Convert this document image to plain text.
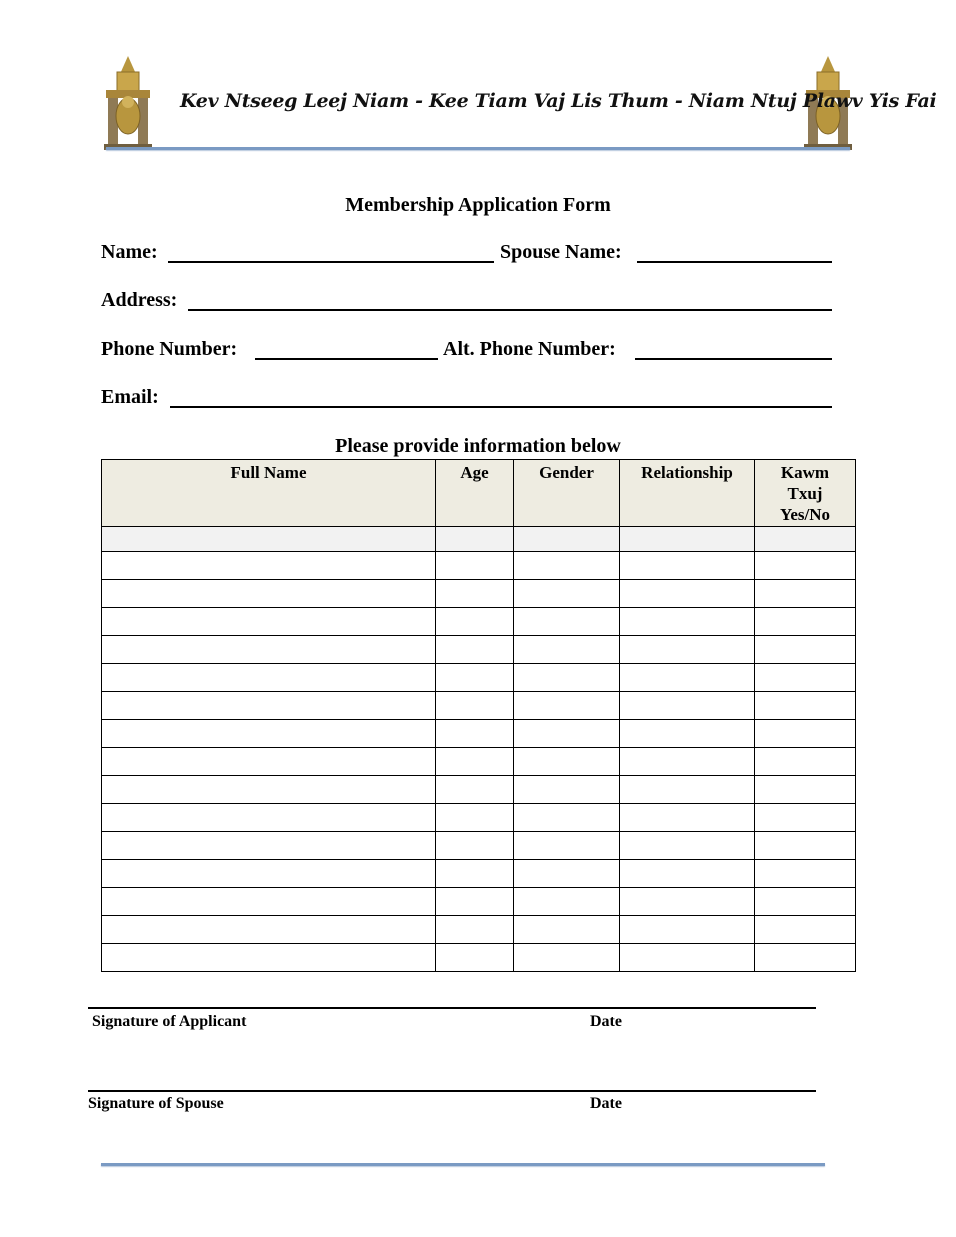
Kev Ntseeg Leej Niam - Kee Tiam Vaj Lis Thum - Niam Ntuj Plawv Yis Fai
Membership Application Form
Name:	Spouse Name:
Address:
Phone Number:	Alt. Phone Number:
Email:
Please provide information below
Full Name	Age	Gender	Relationship	Kawm Txuj Yes/No

Signature of Applicant	Date
Signature of Spouse	Date
